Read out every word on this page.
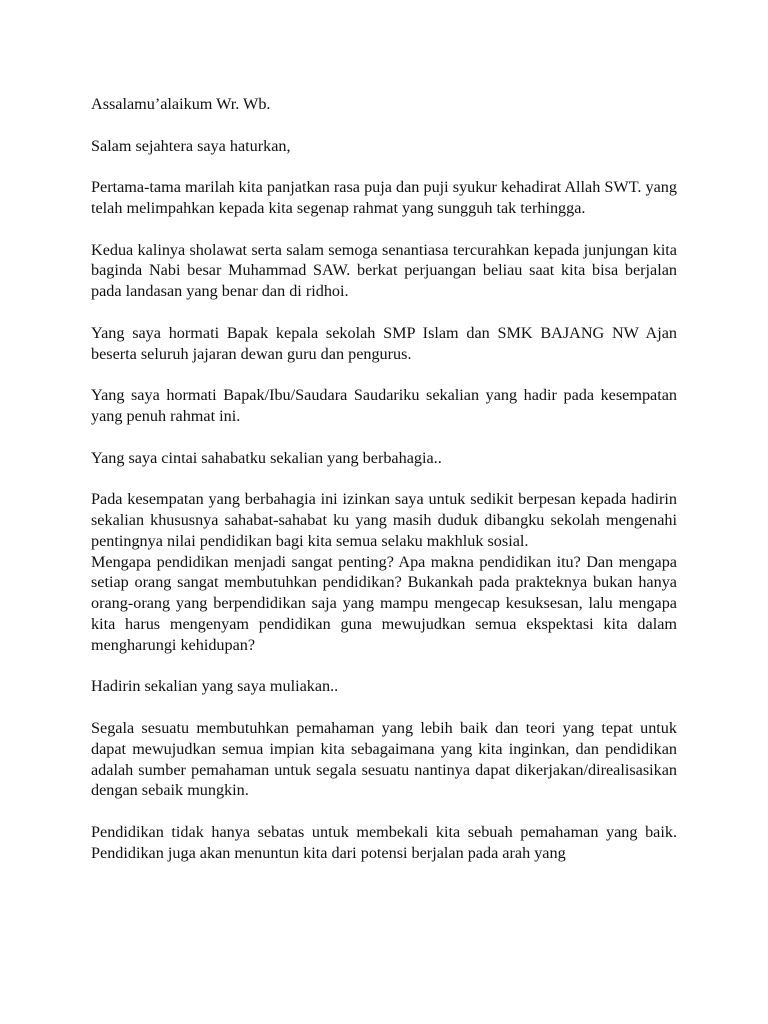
Assalamu’alaikum Wr. Wb.

Salam sejahtera saya haturkan,

Pertama-tama marilah kita panjatkan rasa puja dan puji syukur kehadirat Allah SWT. yang telah melimpahkan kepada kita segenap rahmat yang sungguh tak terhingga.

Kedua kalinya sholawat serta salam semoga senantiasa tercurahkan kepada junjungan kita baginda Nabi besar Muhammad SAW. berkat perjuangan beliau saat kita bisa berjalan pada landasan yang benar dan di ridhoi.

Yang saya hormati Bapak kepala sekolah SMP Islam dan SMK BAJANG NW Ajan beserta seluruh jajaran dewan guru dan pengurus.

Yang saya hormati Bapak/Ibu/Saudara Saudariku sekalian yang hadir pada kesempatan yang penuh rahmat ini.

Yang saya cintai sahabatku sekalian yang berbahagia..

Pada kesempatan yang berbahagia ini izinkan saya untuk sedikit berpesan kepada hadirin sekalian khususnya sahabat-sahabat ku yang masih duduk dibangku sekolah mengenahi pentingnya nilai pendidikan bagi kita semua selaku makhluk sosial.

Mengapa pendidikan menjadi sangat penting? Apa makna pendidikan itu? Dan mengapa setiap orang sangat membutuhkan pendidikan? Bukankah pada prakteknya bukan hanya orang-orang yang berpendidikan saja yang mampu mengecap kesuksesan, lalu mengapa kita harus mengenyam pendidikan guna mewujudkan semua ekspektasi kita dalam mengharungi kehidupan?

Hadirin sekalian yang saya muliakan..

Segala sesuatu membutuhkan pemahaman yang lebih baik dan teori yang tepat untuk dapat mewujudkan semua impian kita sebagaimana yang kita inginkan, dan pendidikan adalah sumber pemahaman untuk segala sesuatu nantinya dapat dikerjakan/direalisasikan dengan sebaik mungkin.

Pendidikan tidak hanya sebatas untuk membekali kita sebuah pemahaman yang baik. Pendidikan juga akan menuntun kita dari potensi berjalan pada arah yang
